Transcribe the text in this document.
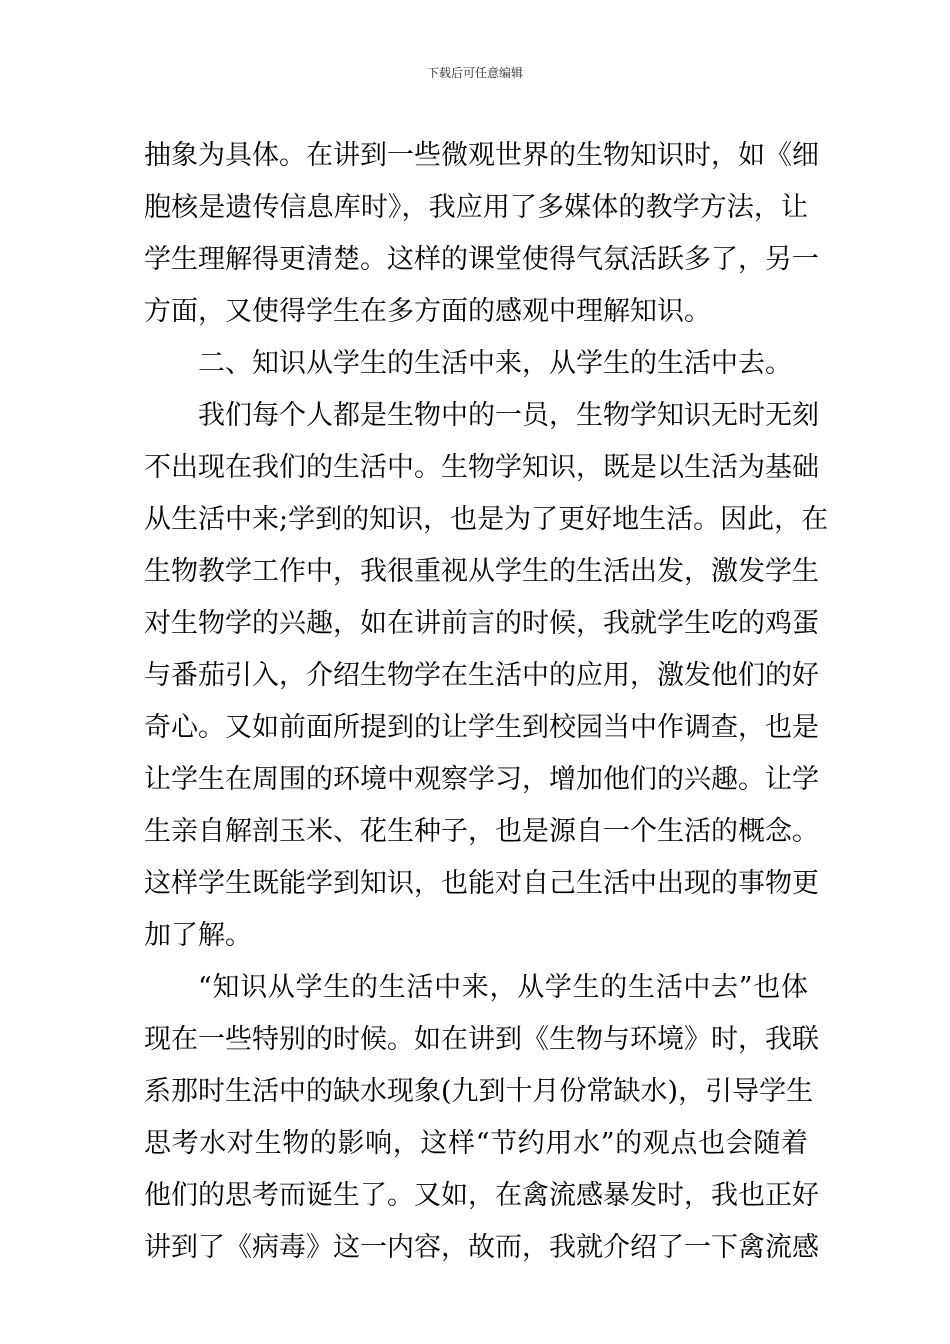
下载后可任意编辑
抽象为具体。在讲到一些微观世界的生物知识时，如《细
胞核是遗传信息库时》，我应用了多媒体的教学方法，让
学生理解得更清楚。这样的课堂使得气氛活跃多了，另一
方面，又使得学生在多方面的感观中理解知识。
二、知识从学生的生活中来，从学生的生活中去。
我们每个人都是生物中的一员，生物学知识无时无刻
不出现在我们的生活中。生物学知识，既是以生活为基础
从生活中来;学到的知识，也是为了更好地生活。因此，在
生物教学工作中，我很重视从学生的生活出发，激发学生
对生物学的兴趣，如在讲前言的时候，我就学生吃的鸡蛋
与番茄引入，介绍生物学在生活中的应用，激发他们的好
奇心。又如前面所提到的让学生到校园当中作调查，也是
让学生在周围的环境中观察学习，增加他们的兴趣。让学
生亲自解剖玉米、花生种子，也是源自一个生活的概念。
这样学生既能学到知识，也能对自己生活中出现的事物更
加了解。
“知识从学生的生活中来，从学生的生活中去”也体
现在一些特别的时候。如在讲到《生物与环境》时，我联
系那时生活中的缺水现象(九到十月份常缺水)，引导学生
思考水对生物的影响，这样“节约用水”的观点也会随着
他们的思考而诞生了。又如，在禽流感暴发时，我也正好
讲到了《病毒》这一内容，故而，我就介绍了一下禽流感
